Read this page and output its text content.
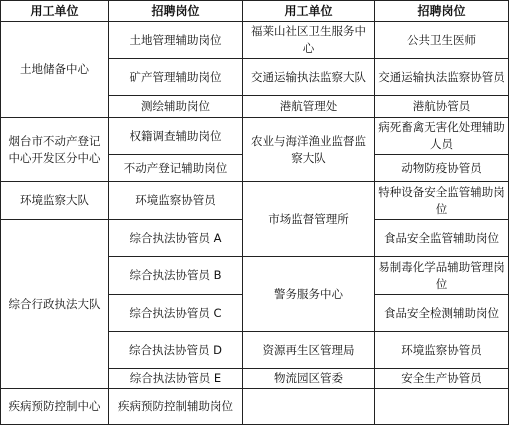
用工单位	招聘岗位	用工单位	招聘岗位
土地储备中心	土地管理辅助岗位	福莱山社区卫生服务中心	公共卫生医师
	矿产管理辅助岗位	交通运输执法监察大队	交通运输执法监察协管员
	测绘辅助岗位	港航管理处	港航协管员
烟台市不动产登记中心开发区分中心	权籍调查辅助岗位	农业与海洋渔业监督监察大队	病死畜禽无害化处理辅助人员
	不动产登记辅助岗位		动物防疫协管员
环境监察大队	环境监察协管员	市场监督管理所	特种设备安全监管辅助岗位
综合行政执法大队	综合执法协管员 A		食品安全监管辅助岗位
	综合执法协管员 B	警务服务中心	易制毒化学品辅助管理岗位
	综合执法协管员 C		食品安全检测辅助岗位
	综合执法协管员 D	资源再生区管理局	环境监察协管员
	综合执法协管员 E	物流园区管委	安全生产协管员
疾病预防控制中心	疾病预防控制辅助岗位		
